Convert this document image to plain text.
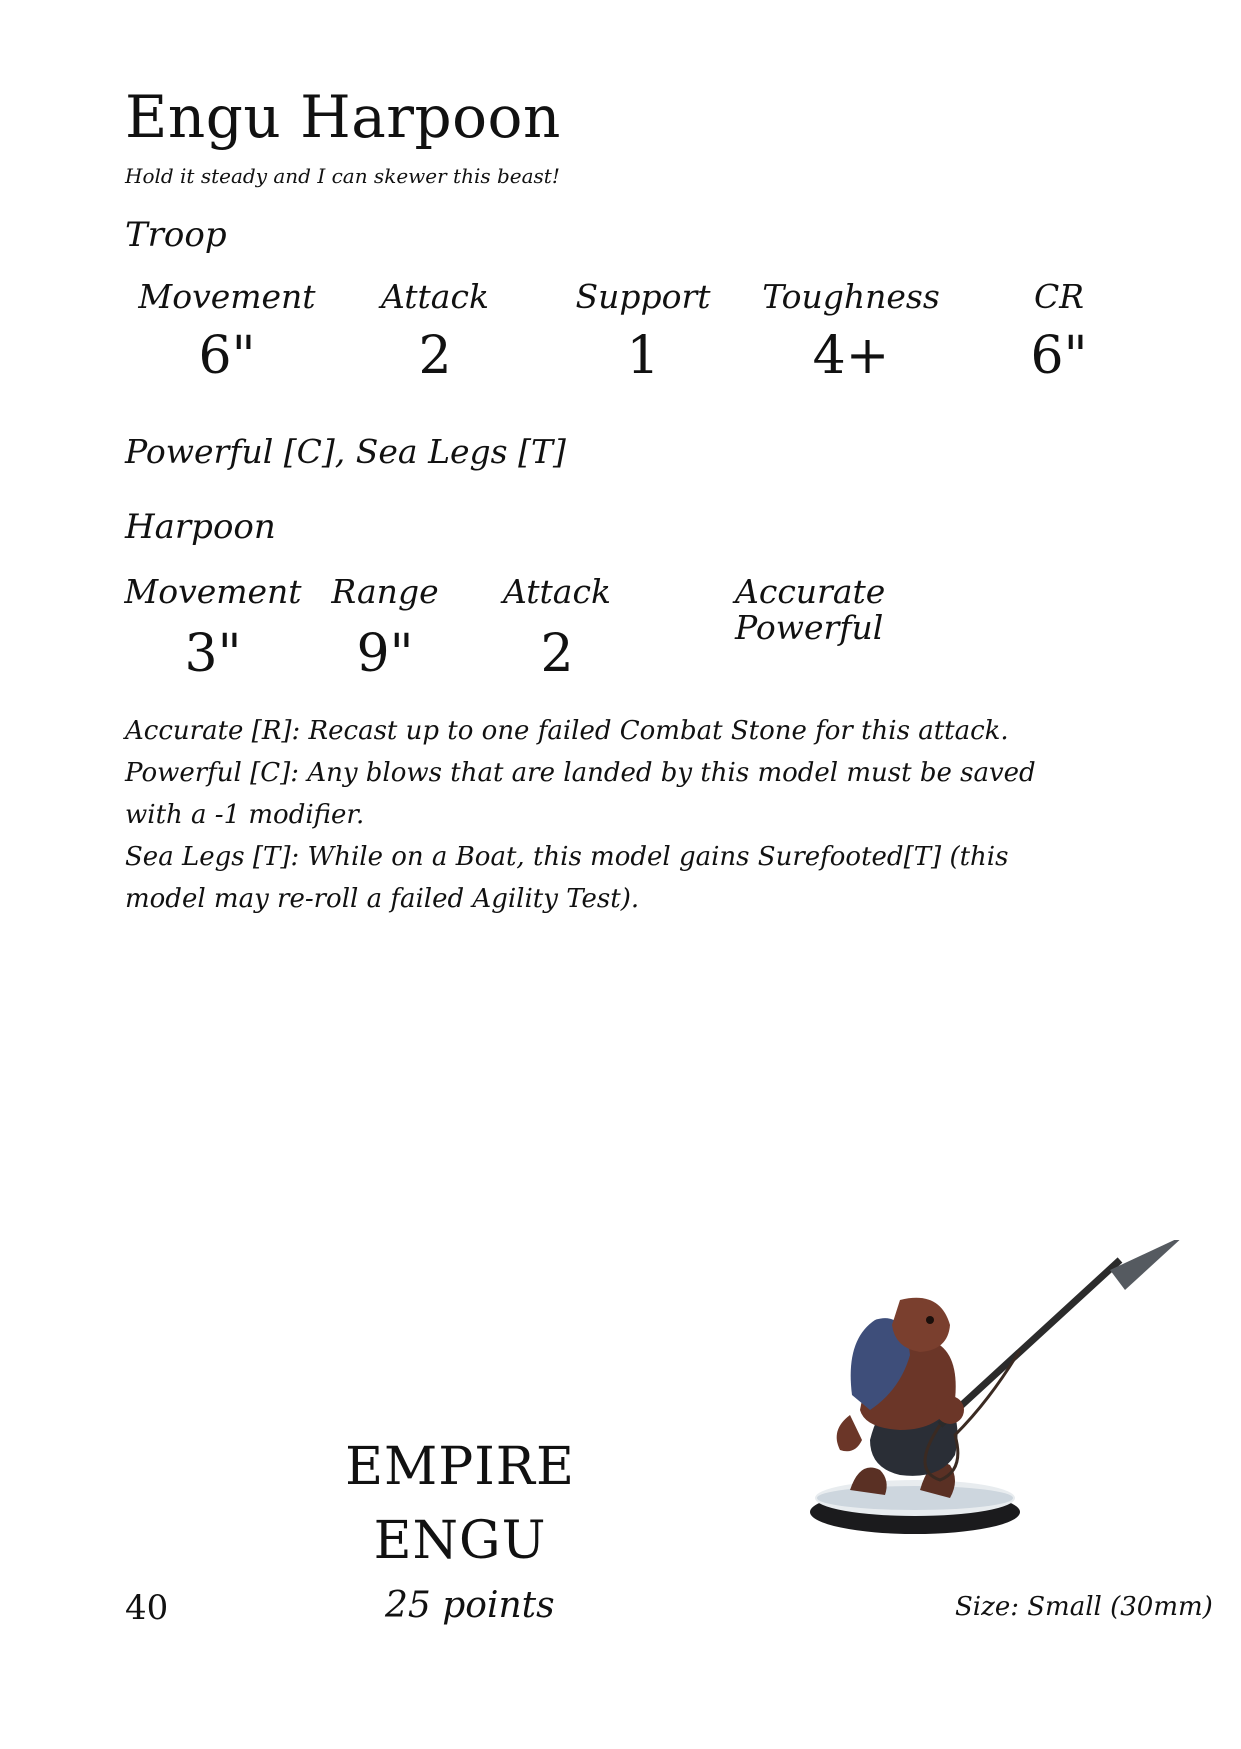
Engu Harpoon
Hold it steady and I can skewer this beast!
Troop
Movement
6"
Attack
2
Support
1
Toughness
4+
CR
6"
Powerful [C], Sea Legs [T]
Harpoon
Movement
3"
Range
9"
Attack
2
Accurate
Powerful

Accurate [R]: Recast up to one failed Combat Stone for this attack.

Powerful [C]: Any blows that are landed by this model must be saved with a -1 modifier.

Sea Legs [T]: While on a Boat, this model gains Surefooted[T] (this model may re-roll a failed Agility Test).

EMPIRE
ENGU
40	25 points	Size: Small (30mm)
